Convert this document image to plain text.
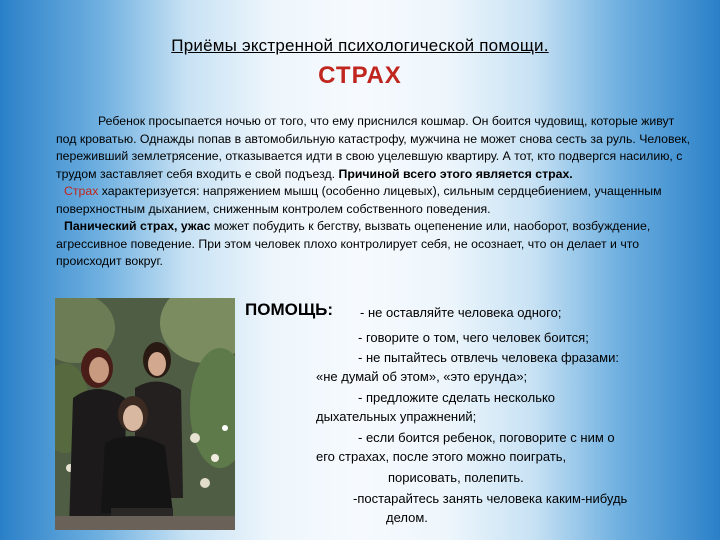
Приёмы экстренной психологической помощи.
СТРАХ

Ребенок просыпается ночью от того, что ему приснился кошмар. Он боится чудовищ, которые живут под кроватью. Однажды попав в автомобильную катастрофу, мужчина не может снова сесть за руль. Человек, переживший землетрясение, отказывается идти в свою уцелевшую квартиру. А тот, кто подвергся насилию, с трудом заставляет себя входить е свой подъезд. Причиной всего этого является страх.

Страх характеризуется: напряжением мышц (особенно лицевых), сильным сердцебиением, учащенным поверхностным дыханием, сниженным контролем собственного поведения.

Панический страх, ужас может побудить к бегству, вызвать оцепенение или, наоборот, возбуждение, агрессивное поведение. При этом человек плохо контролирует себя, не осознает, что он делает и что происходит вокруг.

ПОМОЩЬ: - не оставляйте человека одного;
- говорите о том, чего человек боится;
- не пытайтесь отвлечь человека фразами:
«не думай об этом», «это ерунда»;
- предложите сделать несколько
дыхательных упражнений;
- если боится ребенок, поговорите с ним о
его страхах, после этого можно поиграть,
порисовать, полепить.
-постарайтесь занять человека каким-нибудь
делом.
